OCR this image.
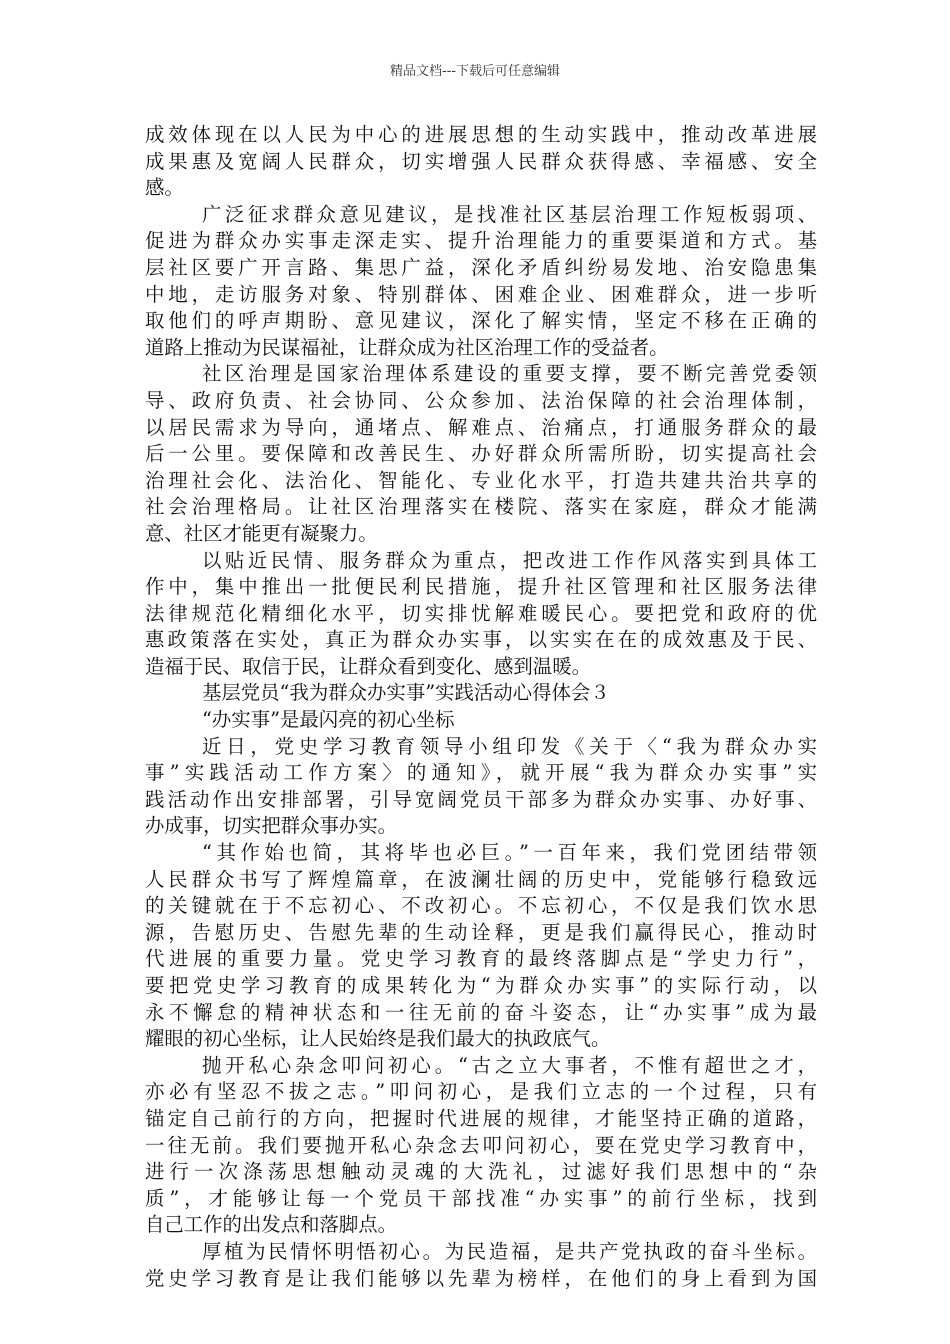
精品文档---下载后可任意编辑
成效体现在以人民为中心的进展思想的生动实践中，推动改革进展
成果惠及宽阔人民群众，切实增强人民群众获得感、幸福感、安全
感。
广泛征求群众意见建议，是找准社区基层治理工作短板弱项、
促进为群众办实事走深走实、提升治理能力的重要渠道和方式。基
层社区要广开言路、集思广益，深化矛盾纠纷易发地、治安隐患集
中地，走访服务对象、特别群体、困难企业、困难群众，进一步听
取他们的呼声期盼、意见建议，深化了解实情，坚定不移在正确的
道路上推动为民谋福祉，让群众成为社区治理工作的受益者。
社区治理是国家治理体系建设的重要支撑，要不断完善党委领
导、政府负责、社会协同、公众参加、法治保障的社会治理体制，
以居民需求为导向，通堵点、解难点、治痛点，打通服务群众的最
后一公里。要保障和改善民生、办好群众所需所盼，切实提高社会
治理社会化、法治化、智能化、专业化水平，打造共建共治共享的
社会治理格局。让社区治理落实在楼院、落实在家庭，群众才能满
意、社区才能更有凝聚力。
以贴近民情、服务群众为重点，把改进工作作风落实到具体工
作中，集中推出一批便民利民措施，提升社区管理和社区服务法律
法律规范化精细化水平，切实排忧解难暖民心。要把党和政府的优
惠政策落在实处，真正为群众办实事，以实实在在的成效惠及于民、
造福于民、取信于民，让群众看到变化、感到温暖。
基层党员“我为群众办实事”实践活动心得体会３
“办实事”是最闪亮的初心坐标
近日，党史学习教育领导小组印发《关于〈“我为群众办实
事”实践活动工作方案〉的通知》，就开展“我为群众办实事”实
践活动作出安排部署，引导宽阔党员干部多为群众办实事、办好事、
办成事，切实把群众事办实。
“其作始也简，其将毕也必巨。”一百年来，我们党团结带领
人民群众书写了辉煌篇章，在波澜壮阔的历史中，党能够行稳致远
的关键就在于不忘初心、不改初心。不忘初心，不仅是我们饮水思
源，告慰历史、告慰先辈的生动诠释，更是我们赢得民心，推动时
代进展的重要力量。党史学习教育的最终落脚点是“学史力行”，
要把党史学习教育的成果转化为“为群众办实事”的实际行动，以
永不懈怠的精神状态和一往无前的奋斗姿态，让“办实事”成为最
耀眼的初心坐标，让人民始终是我们最大的执政底气。
抛开私心杂念叩问初心。“古之立大事者，不惟有超世之才，
亦必有坚忍不拔之志。”叩问初心，是我们立志的一个过程，只有
锚定自己前行的方向，把握时代进展的规律，才能坚持正确的道路，
一往无前。我们要抛开私心杂念去叩问初心，要在党史学习教育中，
进行一次涤荡思想触动灵魂的大洗礼，过滤好我们思想中的“杂
质”，才能够让每一个党员干部找准“办实事”的前行坐标，找到
自己工作的出发点和落脚点。
厚植为民情怀明悟初心。为民造福，是共产党执政的奋斗坐标。
党史学习教育是让我们能够以先辈为榜样，在他们的身上看到为国
